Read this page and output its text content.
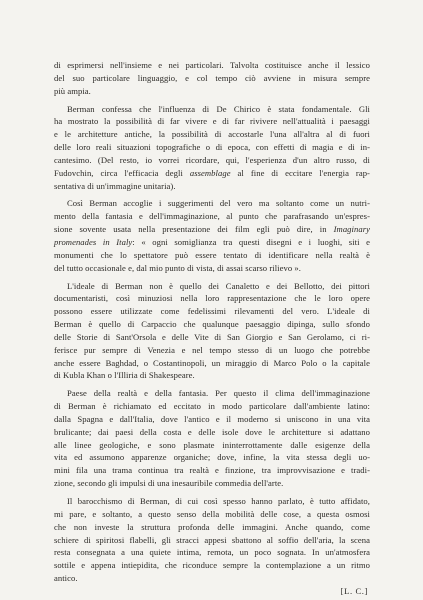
di esprimersi nell'insieme e nei particolari. Talvolta costituisce anche il lessico
del suo particolare linguaggio, e col tempo ciò avviene in misura sempre
più ampia.

Berman confessa che l'influenza di De Chirico è stata fondamentale. Gli
ha mostrato la possibilità di far vivere e di far rivivere nell'attualità i paesaggi
e le architetture antiche, la possibilità di accostarle l'una all'altra al di fuori
delle loro reali situazioni topografiche o di epoca, con effetti di magia e di in-
cantesimo. (Del resto, io vorrei ricordare, qui, l'esperienza d'un altro russo, di
Fudovchin, circa l'efficacia degli assemblage al fine di eccitare l'energia rap-
sentativa di un'immagine unitaria).

Così Berman accoglie i suggerimenti del vero ma soltanto come un nutri-
mento della fantasia e dell'immaginazione, al punto che parafrasando un'espres-
sione sovente usata nella presentazione dei film egli può dire, in Imaginary
promenades in Italy: « ogni somiglianza tra questi disegni e i luoghi, siti e
monumenti che lo spettatore può essere tentato di identificare nella realtà è
del tutto occasionale e, dal mio punto di vista, di assai scarso rilievo ».

L'ideale di Berman non è quello dei Canaletto e dei Bellotto, dei pittori
documentaristi, così minuziosi nella loro rappresentazione che le loro opere
possono essere utilizzate come fedelissimi rilevamenti del vero. L'ideale di
Berman è quello di Carpaccio che qualunque paesaggio dipinga, sullo sfondo
delle Storie di Sant'Orsola e delle Vite di San Giorgio e San Gerolamo, ci ri-
ferisce pur sempre di Venezia e nel tempo stesso di un luogo che potrebbe
anche essere Baghdad, o Costantinopoli, un miraggio di Marco Polo o la capitale
di Kubla Khan o l'Illiria di Shakespeare.

Paese della realtà e della fantasia. Per questo il clima dell'immaginazione
di Berman è richiamato ed eccitato in modo particolare dall'ambiente latino:
dalla Spagna e dall'Italia, dove l'antico e il moderno si uniscono in una vita
brulicante; dai paesi della costa e delle isole dove le architetture si adattano
alle linee geologiche, e sono plasmate ininterrottamente dalle esigenze della
vita ed assumono apparenze organiche; dove, infine, la vita stessa degli uo-
mini fila una trama continua tra realtà e finzione, tra improvvisazione e tradi-
zione, secondo gli impulsi di una inesauribile commedia dell'arte.

Il barocchismo di Berman, di cui così spesso hanno parlato, è tutto affidato,
mi pare, e soltanto, a questo senso della mobilità delle cose, a questa osmosi
che non investe la struttura profonda delle immagini. Anche quando, come
schiere di spiritosi flabelli, gli stracci appesi sbattono al soffio dell'aria, la scena
resta consegnata a una quiete intima, remota, un poco sognata. In un'atmosfera
sottile e appena intiepidita, che riconduce sempre la contemplazione a un ritmo
antico.

[L. C.]
